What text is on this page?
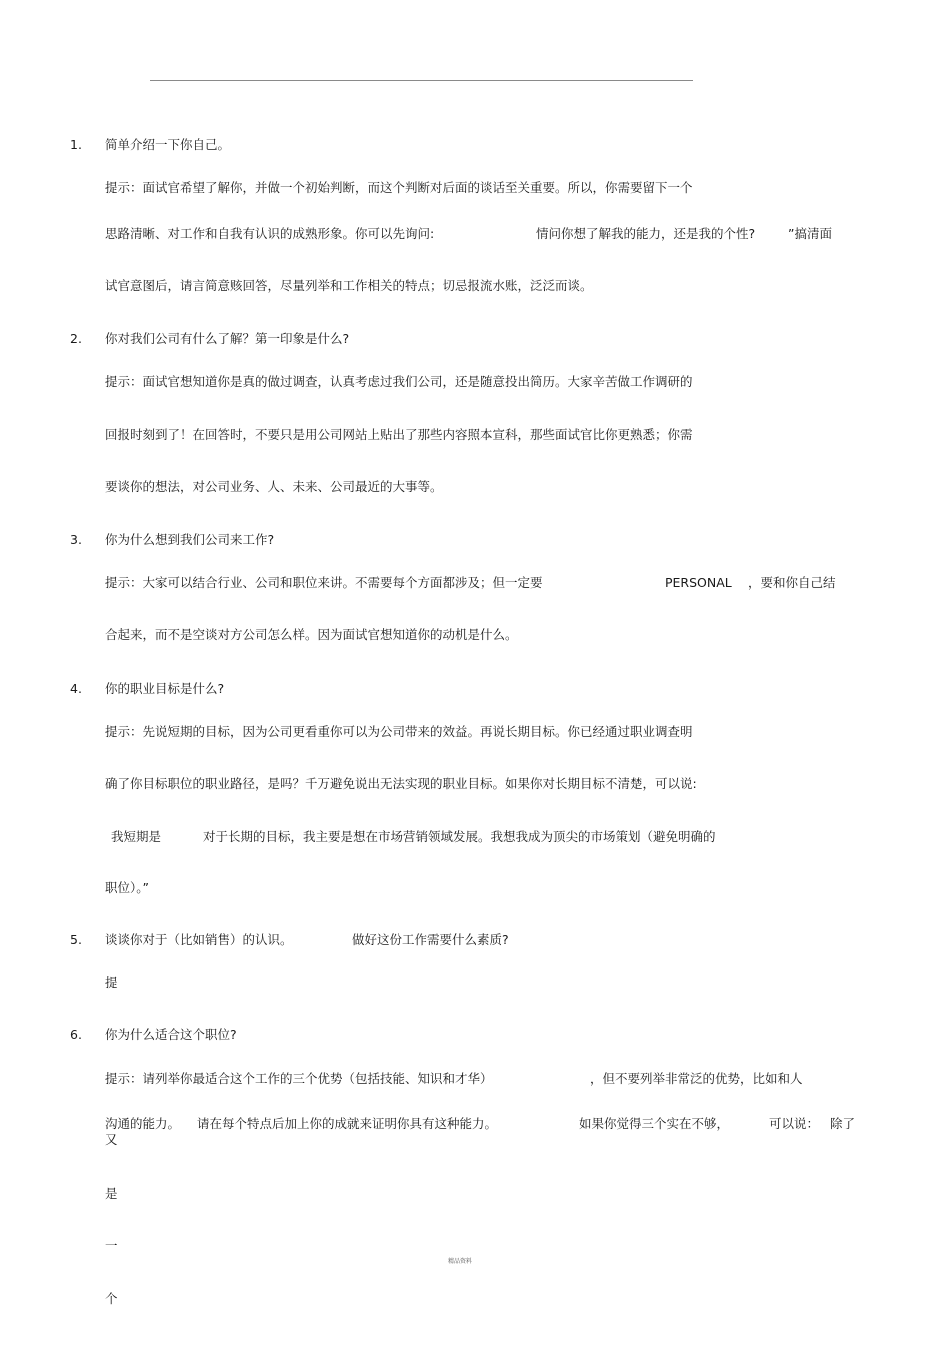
1. 简单介绍一下你自己。
提示：面试官希望了解你，并做一个初始判断，而这个判断对后面的谈话至关重要。所以，你需要留下一个
思路清晰、对工作和自我有认识的成熟形象。你可以先询问:	情问你想了解我的能力，还是我的个性?	”搞清面
试官意图后，请言简意赅回答，尽量列举和工作相关的特点；切忌报流水账，泛泛而谈。
2. 你对我们公司有什么了解？第一印象是什么?
提示：面试官想知道你是真的做过调查，认真考虑过我们公司，还是随意投出简历。大家辛苦做工作调研的
回报时刻到了！在回答时，不要只是用公司网站上贴出了那些内容照本宣科，那些面试官比你更熟悉；你需
要谈你的想法，对公司业务、人、未来、公司最近的大事等。
3. 你为什么想到我们公司来工作?
提示：大家可以结合行业、公司和职位来讲。不需要每个方面都涉及；但一定要	PERSONAL ，要和你自己结
合起来，而不是空谈对方公司怎么样。因为面试官想知道你的动机是什么。
4. 你的职业目标是什么?
提示：先说短期的目标，因为公司更看重你可以为公司带来的效益。再说长期目标。你已经通过职业调查明
确了你目标职位的职业路径，是吗？千万避免说出无法实现的职业目标。如果你对长期目标不清楚，可以说:
我短期是	对于长期的目标，我主要是想在市场营销领域发展。我想我成为顶尖的市场策划（避免明确的
职位）。”
5. 谈谈你对于（比如销售）的认识。	做好这份工作需要什么素质?
提
6. 你为什么适合这个职位?
提示：请列举你最适合这个工作的三个优势（包括技能、知识和才华）	，但不要列举非常泛的优势，比如和人
沟通的能力。 请在每个特点后加上你的成就来证明你具有这种能力。	如果你觉得三个实在不够，	可以说： 除了
又
是
一
个
精品资料
